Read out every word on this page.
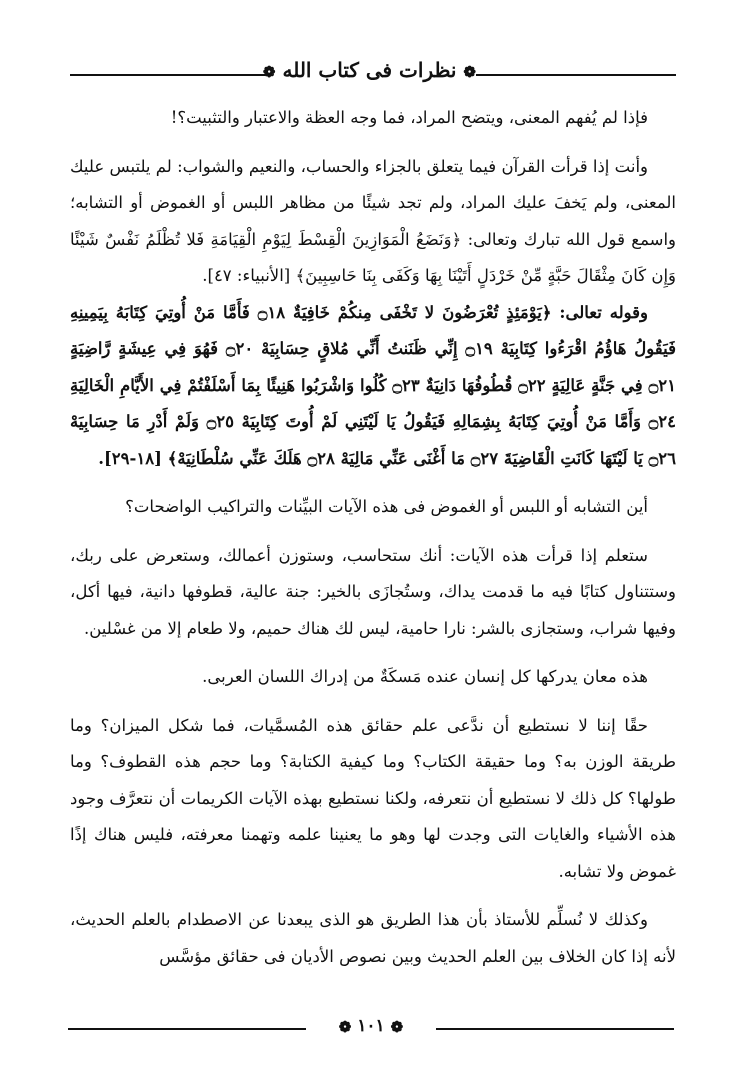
❁ نظرات فى كتاب الله ❁

فإذا لم يُفهم المعنى، ويتضح المراد، فما وجه العظة والاعتبار والتثبيت؟!

وأنت إذا قرأت القرآن فيما يتعلق بالجزاء والحساب، والنعيم والشواب: لم يلتبس عليك المعنى، ولم يَخفَ عليك المراد، ولم تجد شيئًا من مظاهر اللبس أو الغموض أو التشابه؛ واسمع قول الله تبارك وتعالى: ﴿وَنَضَعُ الْمَوَازِينَ الْقِسْطَ لِيَوْمِ الْقِيَامَةِ فَلا تُظْلَمُ نَفْسٌ شَيْئًا وَإِن كَانَ مِثْقَالَ حَبَّةٍ مِّنْ خَرْدَلٍ أَتَيْنَا بِهَا وَكَفَى بِنَا حَاسِبِينَ﴾ [الأنبياء: ٤٧].

وقوله تعالى: ﴿يَوْمَئِذٍ تُعْرَضُونَ لا تَخْفَى مِنكُمْ خَافِيَةٌ ۝١٨ فَأَمَّا مَنْ أُوتِيَ كِتَابَهُ بِيَمِينِهِ فَيَقُولُ هَاؤُمُ اقْرَءُوا كِتَابِيَهْ ۝١٩ إِنِّي ظَنَنتُ أَنِّي مُلاقٍ حِسَابِيَهْ ۝٢٠ فَهُوَ فِي عِيشَةٍ رَّاضِيَةٍ ۝٢١ فِي جَنَّةٍ عَالِيَةٍ ۝٢٢ قُطُوفُهَا دَانِيَةٌ ۝٢٣ كُلُوا وَاشْرَبُوا هَنِيئًا بِمَا أَسْلَفْتُمْ فِي الأَيَّامِ الْخَالِيَةِ ۝٢٤ وَأَمَّا مَنْ أُوتِيَ كِتَابَهُ بِشِمَالِهِ فَيَقُولُ يَا لَيْتَنِي لَمْ أُوتَ كِتَابِيَهْ ۝٢٥ وَلَمْ أَدْرِ مَا حِسَابِيَهْ ۝٢٦ يَا لَيْتَهَا كَانَتِ الْقَاضِيَةَ ۝٢٧ مَا أَغْنَى عَنِّي مَالِيَهْ ۝٢٨ هَلَكَ عَنِّي سُلْطَانِيَهْ﴾ [١٨-٢٩].

أين التشابه أو اللبس أو الغموض فى هذه الآيات البيِّنات والتراكيب الواضحات؟

ستعلم إذا قرأت هذه الآيات: أنك ستحاسب، وستوزن أعمالك، وستعرض على ربك، وستتناول كتابًا فيه ما قدمت يداك، وستُجازَى بالخير: جنة عالية، قطوفها دانية، فيها أكل، وفيها شراب، وستجازى بالشر: نارا حامية، ليس لك هناك حميم، ولا طعام إلا من غسْلين.

هذه معان يدركها كل إنسان عنده مَسكَةٌ من إدراك اللسان العربى.

حقًا إننا لا نستطيع أن ندَّعى علم حقائق هذه المُسمَّيات، فما شكل الميزان؟ وما طريقة الوزن به؟ وما حقيقة الكتاب؟ وما كيفية الكتابة؟ وما حجم هذه القطوف؟ وما طولها؟ كل ذلك لا نستطيع أن نتعرفه، ولكنا نستطيع بهذه الآيات الكريمات أن نتعرَّف وجود هذه الأشياء والغايات التى وجدت لها وهو ما يعنينا علمه وتهمنا معرفته، فليس هناك إذًا غموض ولا تشابه.

وكذلك لا نُسلِّم للأستاذ بأن هذا الطريق هو الذى يبعدنا عن الاصطدام بالعلم الحديث، لأنه إذا كان الخلاف بين العلم الحديث وبين نصوص الأديان فى حقائق مؤسَّس

❁ ١٠١ ❁
